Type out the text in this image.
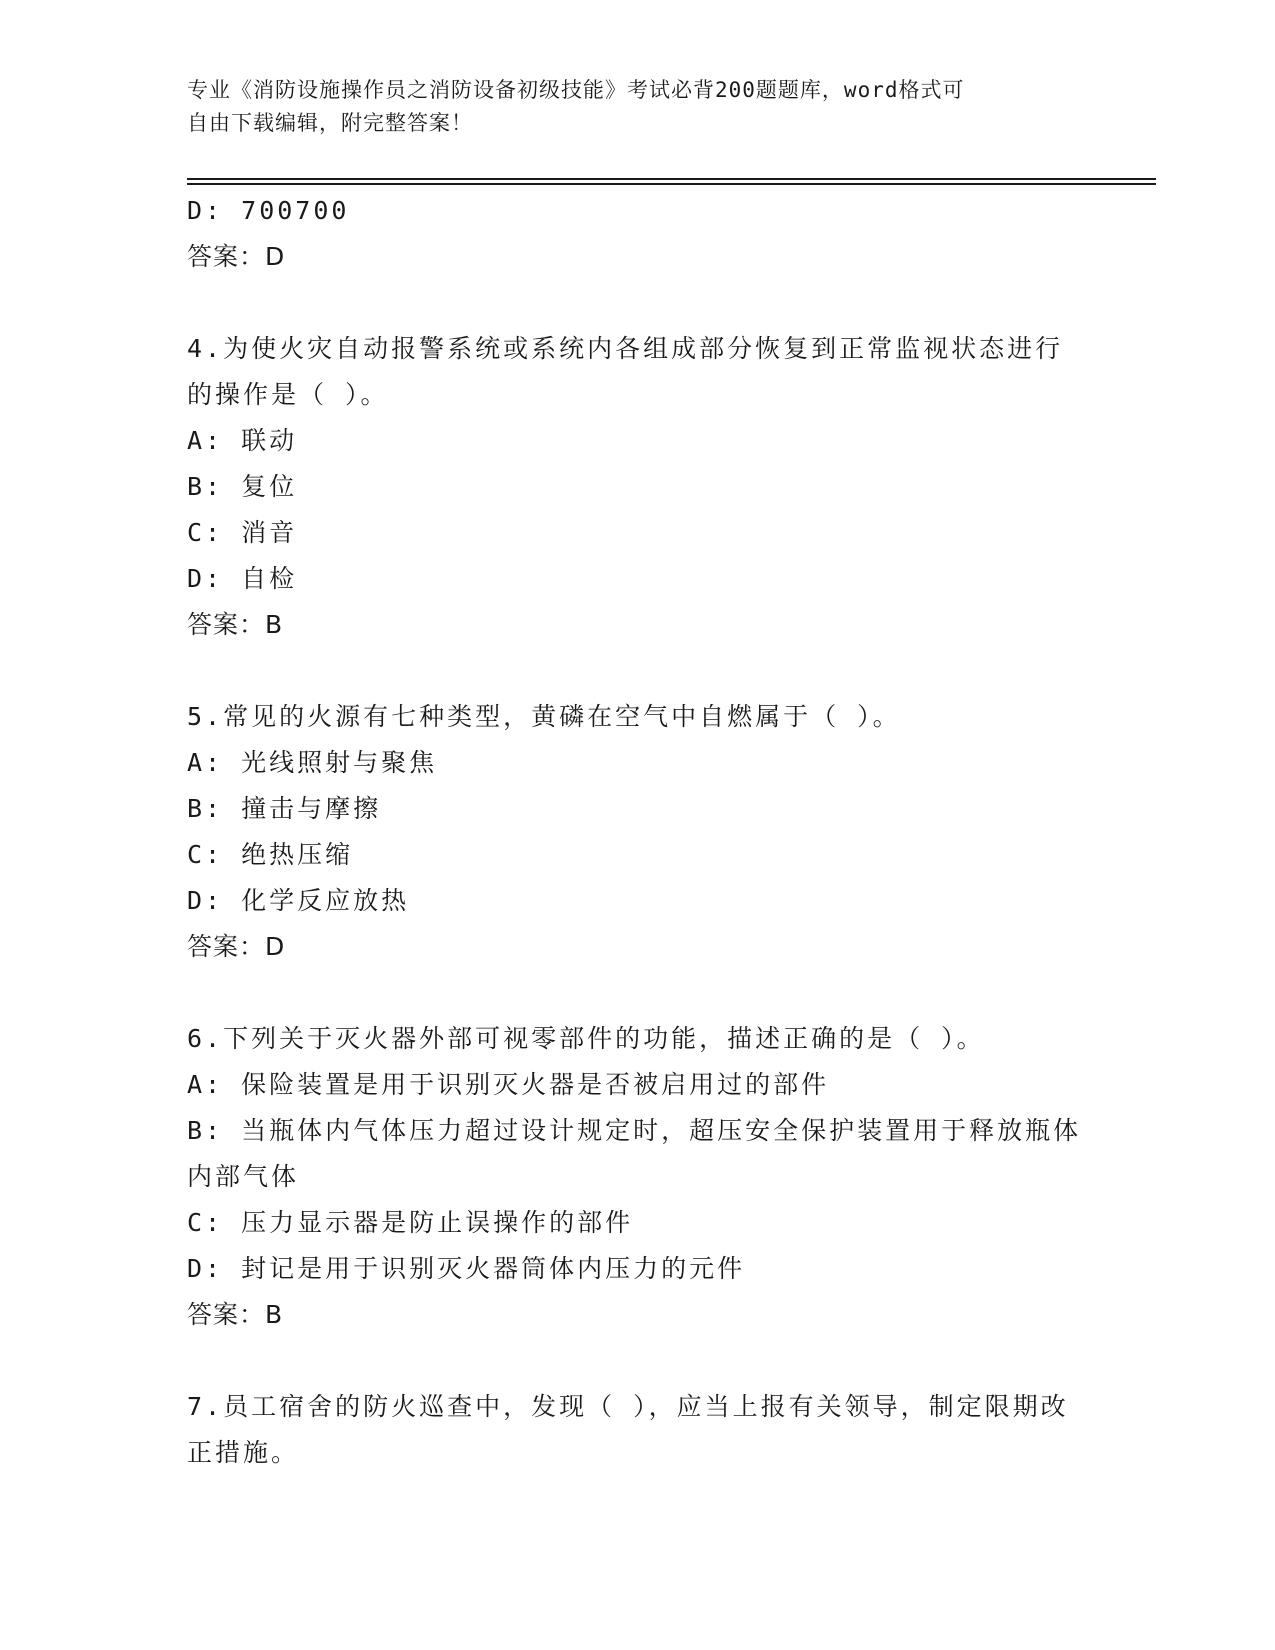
专业《消防设施操作员之消防设备初级技能》考试必背200题题库，word格式可
自由下载编辑，附完整答案！
D: 700700
答案：D
4.为使火灾自动报警系统或系统内各组成部分恢复到正常监视状态进行的操作是（ ）。
A: 联动
B: 复位
C: 消音
D: 自检
答案：B
5.常见的火源有七种类型，黄磷在空气中自燃属于（ ）。
A: 光线照射与聚焦
B: 撞击与摩擦
C: 绝热压缩
D: 化学反应放热
答案：D
6.下列关于灭火器外部可视零部件的功能，描述正确的是（ ）。
A: 保险装置是用于识别灭火器是否被启用过的部件
B: 当瓶体内气体压力超过设计规定时，超压安全保护装置用于释放瓶体内部气体
C: 压力显示器是防止误操作的部件
D: 封记是用于识别灭火器筒体内压力的元件
答案：B
7.员工宿舍的防火巡查中，发现（ ），应当上报有关领导，制定限期改正措施。
